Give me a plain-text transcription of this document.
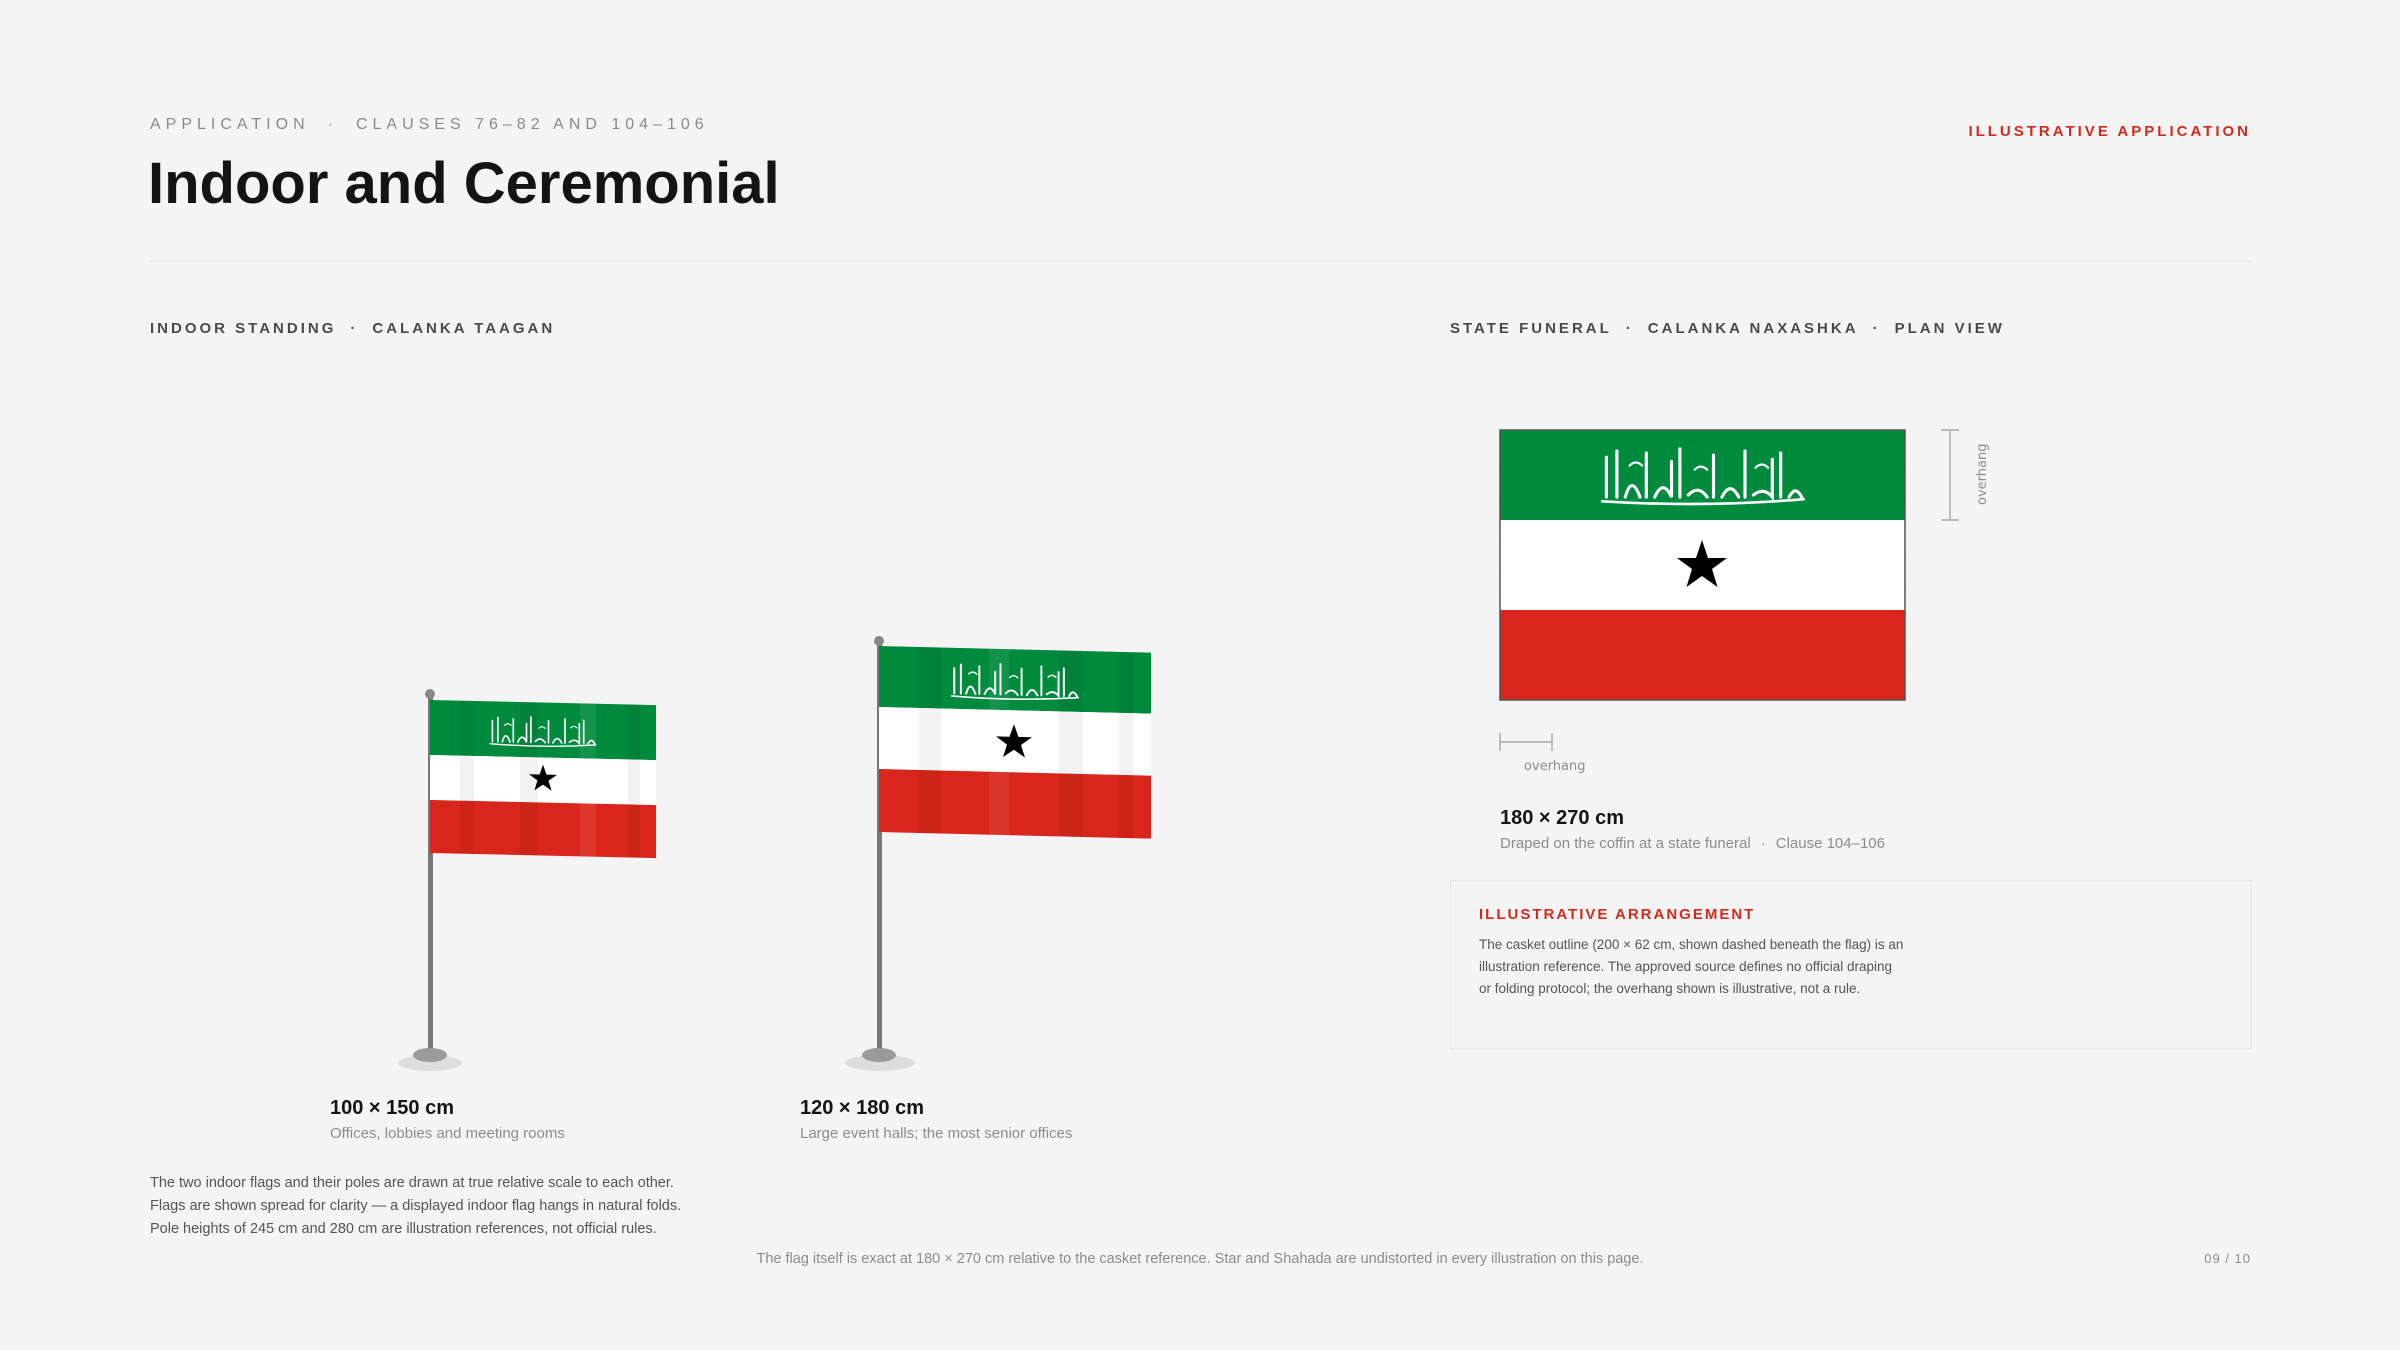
APPLICATION · CLAUSES 76–82 AND 104–106
Indoor and Ceremonial
ILLUSTRATIVE APPLICATION
INDOOR STANDING · CALANKA TAAGAN	STATE FUNERAL · CALANKA NAXASHKA · PLAN VIEW
overhang
overhang
100 × 150 cm
Offices, lobbies and meeting rooms
120 × 180 cm
Large event halls; the most senior offices
The two indoor flags and their poles are drawn at true relative scale to each other.
Flags are shown spread for clarity — a displayed indoor flag hangs in natural folds.
Pole heights of 245 cm and 280 cm are illustration references, not official rules.
180 × 270 cm
Draped on the coffin at a state funeral · Clause 104–106
ILLUSTRATIVE ARRANGEMENT
The casket outline (200 × 62 cm, shown dashed beneath the flag) is an
illustration reference. The approved source defines no official draping
or folding protocol; the overhang shown is illustrative, not a rule.
The flag itself is exact at 180 × 270 cm relative to the casket reference. Star and Shahada are undistorted in every illustration on this page.	09 / 10
